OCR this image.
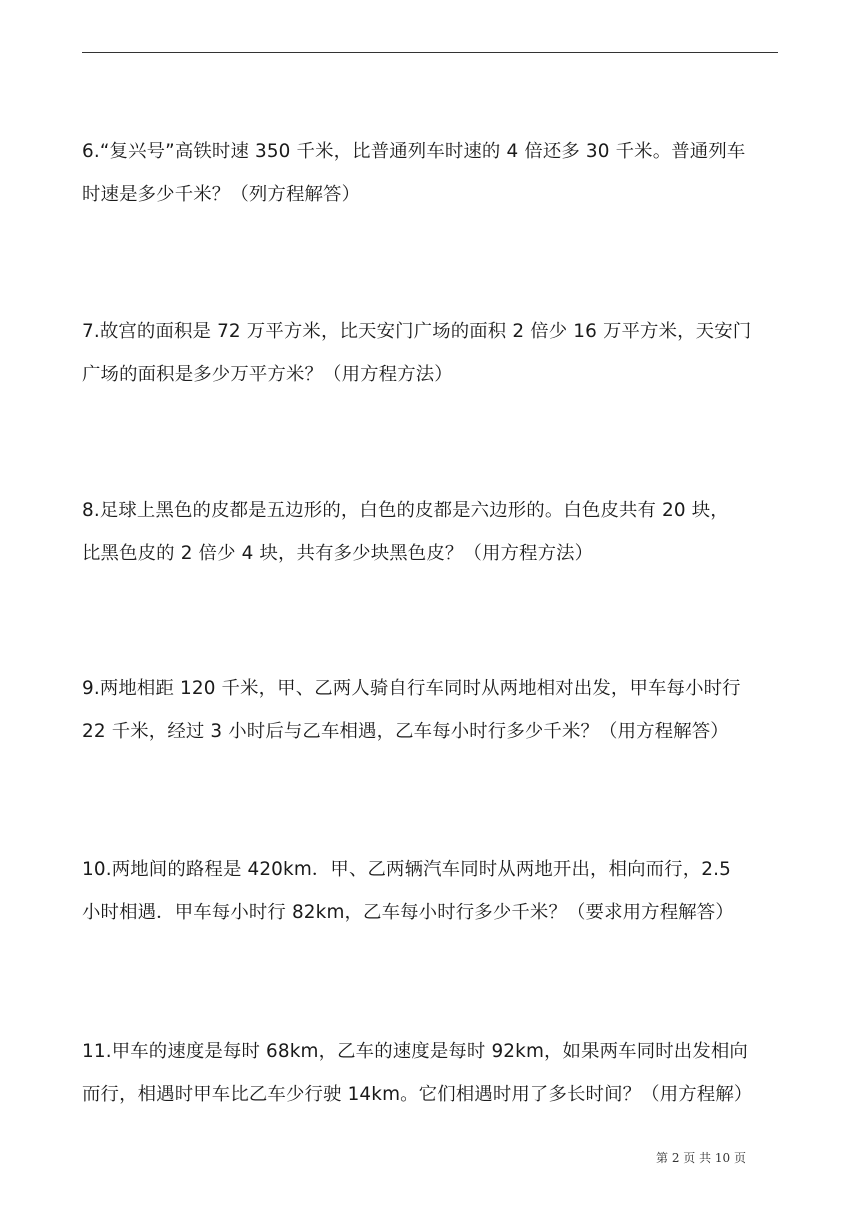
6.“复兴号”高铁时速 350 千米，比普通列车时速的 4 倍还多 30 千米。普通列车
时速是多少千米？（列方程解答）
7.故宫的面积是 72 万平方米，比天安门广场的面积 2 倍少 16 万平方米，天安门
广场的面积是多少万平方米？（用方程方法）
8.足球上黑色的皮都是五边形的，白色的皮都是六边形的。白色皮共有 20 块，
比黑色皮的 2 倍少 4 块，共有多少块黑色皮？（用方程方法）
9.两地相距 120 千米，甲、乙两人骑自行车同时从两地相对出发，甲车每小时行
22 千米，经过 3 小时后与乙车相遇，乙车每小时行多少千米？（用方程解答）
10.两地间的路程是 420km．甲、乙两辆汽车同时从两地开出，相向而行，2.5
小时相遇．甲车每小时行 82km，乙车每小时行多少千米？（要求用方程解答）
11.甲车的速度是每时 68km，乙车的速度是每时 92km，如果两车同时出发相向
而行，相遇时甲车比乙车少行驶 14km。它们相遇时用了多长时间？（用方程解）
第 2 页 共 10 页
